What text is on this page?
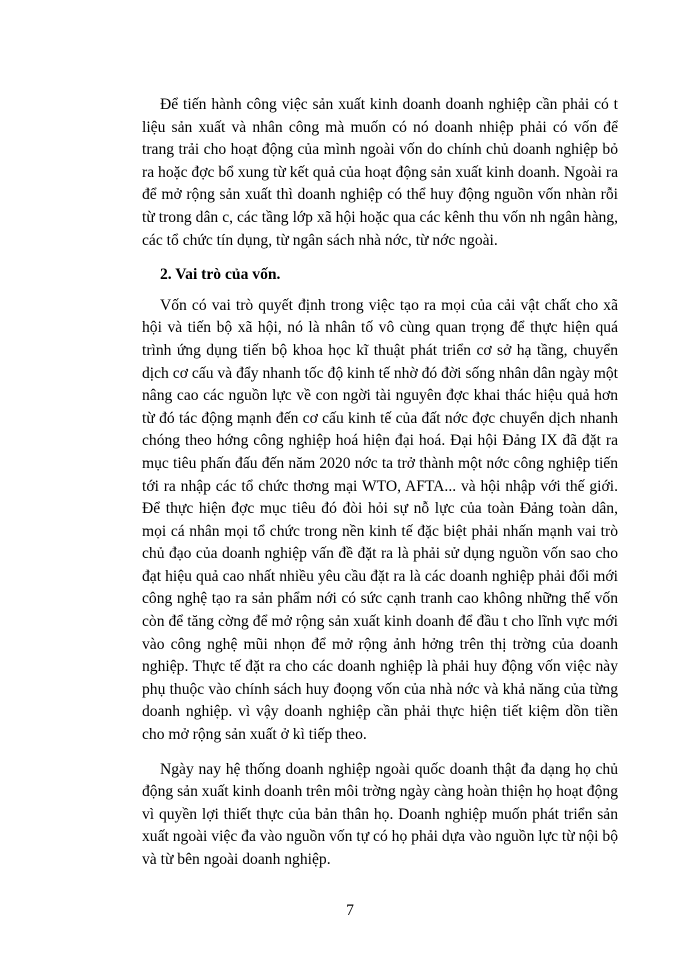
Để tiến hành công việc sản xuất kinh doanh doanh nghiệp cần phải có t liệu sản xuất và nhân công mà muốn có nó doanh nhiệp phải có vốn để trang trải cho hoạt động của mình ngoài vốn do chính chủ doanh nghiệp bỏ ra hoặc đợc bổ xung từ kết quả của hoạt động sản xuất kinh doanh. Ngoài ra để mở rộng sản xuất thì doanh nghiệp có thể huy động nguồn vốn nhàn rỗi từ trong dân c, các tầng lớp xã hội hoặc qua các kênh thu vốn nh ngân hàng, các tổ chức tín dụng, từ ngân sách nhà nớc, từ nớc ngoài.

2. Vai trò của vốn.

Vốn có vai trò quyết định trong việc tạo ra mọi của cải vật chất cho xã hội và tiến bộ xã hội, nó là nhân tố vô cùng quan trọng để thực hiện quá trình ứng dụng tiến bộ khoa học kĩ thuật phát triển cơ sở hạ tầng, chuyển dịch cơ cấu và đẩy nhanh tốc độ kinh tế nhờ đó đời sống nhân dân ngày một nâng cao các nguồn lực về con ngời tài nguyên đợc khai thác hiệu quả hơn từ đó tác động mạnh đến cơ cấu kinh tế của đất nớc đợc chuyển dịch nhanh chóng theo hớng công nghiệp hoá hiện đại hoá. Đại hội Đảng IX đã đặt ra mục tiêu phấn đấu đến năm 2020 nớc ta trở thành một nớc công nghiệp tiến tới ra nhập các tổ chức thơng mại WTO, AFTA... và hội nhập với thế giới. Để thực hiện đợc mục tiêu đó đòi hỏi sự nỗ lực của toàn Đảng toàn dân, mọi cá nhân mọi tổ chức trong nền kinh tế đặc biệt phải nhấn mạnh vai trò chủ đạo của doanh nghiệp vấn đề đặt ra là phải sử dụng nguồn vốn sao cho đạt hiệu quả cao nhất nhiều yêu cầu đặt ra là các doanh nghiệp phải đổi mới công nghệ tạo ra sản phẩm nới có sức cạnh tranh cao không những thế vốn còn để tăng cờng để mở rộng sản xuất kinh doanh để đầu t cho lĩnh vực mới vào công nghệ mũi nhọn để mở rộng ảnh hởng trên thị trờng của doanh nghiệp. Thực tế đặt ra cho các doanh nghiệp là phải huy động vốn việc này phụ thuộc vào chính sách huy đoọng vốn của nhà nớc và khả năng của từng doanh nghiệp. vì vậy doanh nghiệp cần phải thực hiện tiết kiệm dồn tiền cho mở rộng sản xuất ở kì tiếp theo.

Ngày nay hệ thống doanh nghiệp ngoài quốc doanh thật đa dạng họ chủ động sản xuất kinh doanh trên môi trờng ngày càng hoàn thiện họ hoạt động vì quyền lợi thiết thực của bản thân họ. Doanh nghiệp muốn phát triển sản xuất ngoài việc đa vào nguồn vốn tự có họ phải dựa vào nguồn lực từ nội bộ và từ bên ngoài doanh nghiệp.

7
